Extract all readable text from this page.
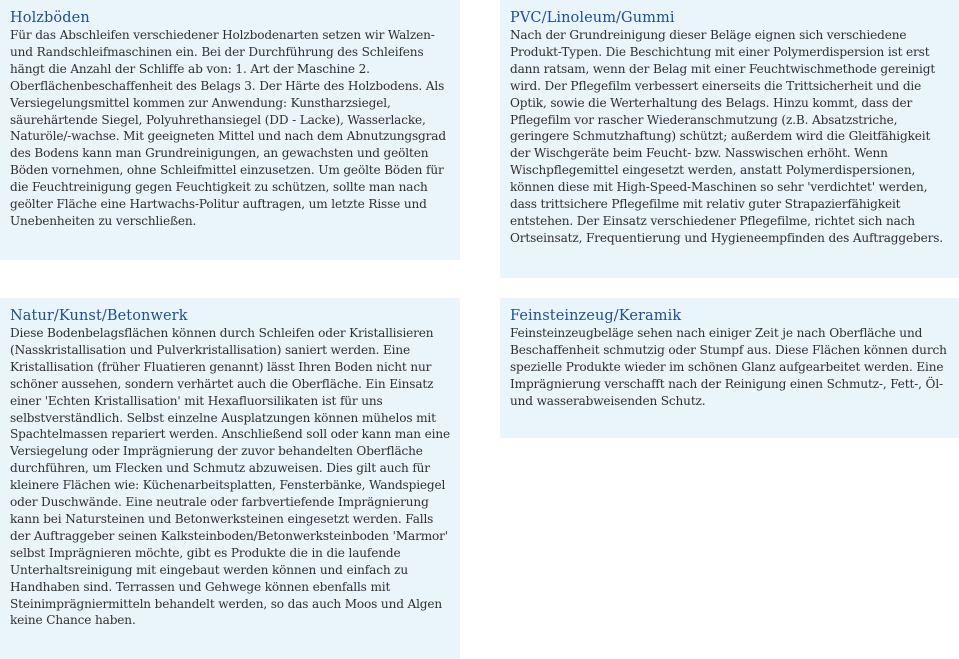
Holzböden

Für das Abschleifen verschiedener Holzbodenarten setzen wir Walzen- und Randschleifmaschinen ein. Bei der Durchführung des Schleifens hängt die Anzahl der Schliffe ab von: 1. Art der Maschine 2. Oberflächenbeschaffenheit des Belags 3. Der Härte des Holzbodens. Als Versiegelungsmittel kommen zur Anwendung: Kunstharzsiegel, säurehärtende Siegel, Polyuhrethansiegel (DD - Lacke), Wasserlacke, Naturöle/-wachse. Mit geeigneten Mittel und nach dem Abnutzungsgrad des Bodens kann man Grundreinigungen, an gewachsten und geölten Böden vornehmen, ohne Schleifmittel einzusetzen. Um geölte Böden für die Feuchtreinigung gegen Feuchtigkeit zu schützen, sollte man nach geölter Fläche eine Hartwachs-Politur auftragen, um letzte Risse und Unebenheiten zu verschließen.

PVC/Linoleum/Gummi

Nach der Grundreinigung dieser Beläge eignen sich verschiedene Produkt-Typen. Die Beschichtung mit einer Polymerdispersion ist erst dann ratsam, wenn der Belag mit einer Feuchtwischmethode gereinigt wird. Der Pflegefilm verbessert einerseits die Trittsicherheit und die Optik, sowie die Werterhaltung des Belags. Hinzu kommt, dass der Pflegefilm vor rascher Wiederanschmutzung (z.B. Absatzstriche, geringere Schmutzhaftung) schützt; außerdem wird die Gleitfähigkeit der Wischgeräte beim Feucht- bzw. Nasswischen erhöht. Wenn Wischpflegemittel eingesetzt werden, anstatt Polymerdispersionen, können diese mit High-Speed-Maschinen so sehr 'verdichtet' werden, dass trittsichere Pflegefilme mit relativ guter Strapazierfähigkeit entstehen. Der Einsatz verschiedener Pflegefilme, richtet sich nach Ortseinsatz, Frequentierung und Hygieneempfinden des Auftraggebers.

Natur/Kunst/Betonwerk

Diese Bodenbelagsflächen können durch Schleifen oder Kristallisieren (Nasskristallisation und Pulverkristallisation) saniert werden. Eine Kristallisation (früher Fluatieren genannt) lässt Ihren Boden nicht nur schöner aussehen, sondern verhärtet auch die Oberfläche. Ein Einsatz einer 'Echten Kristallisation' mit Hexafluorsilikaten ist für uns selbstverständlich. Selbst einzelne Ausplatzungen können mühelos mit Spachtelmassen repariert werden. Anschließend soll oder kann man eine Versiegelung oder Imprägnierung der zuvor behandelten Oberfläche durchführen, um Flecken und Schmutz abzuweisen. Dies gilt auch für kleinere Flächen wie: Küchenarbeitsplatten, Fensterbänke, Wandspiegel oder Duschwände. Eine neutrale oder farbvertiefende Imprägnierung kann bei Natursteinen und Betonwerksteinen eingesetzt werden. Falls der Auftraggeber seinen Kalksteinboden/Betonwerksteinboden 'Marmor' selbst Imprägnieren möchte, gibt es Produkte die in die laufende Unterhaltsreinigung mit eingebaut werden können und einfach zu Handhaben sind. Terrassen und Gehwege können ebenfalls mit Steinimprägniermitteln behandelt werden, so das auch Moos und Algen keine Chance haben.

Feinsteinzeug/Keramik

Feinsteinzeugbeläge sehen nach einiger Zeit je nach Oberfläche und Beschaffenheit schmutzig oder Stumpf aus. Diese Flächen können durch spezielle Produkte wieder im schönen Glanz aufgearbeitet werden. Eine Imprägnierung verschafft nach der Reinigung einen Schmutz-, Fett-, Öl- und wasserabweisenden Schutz.
